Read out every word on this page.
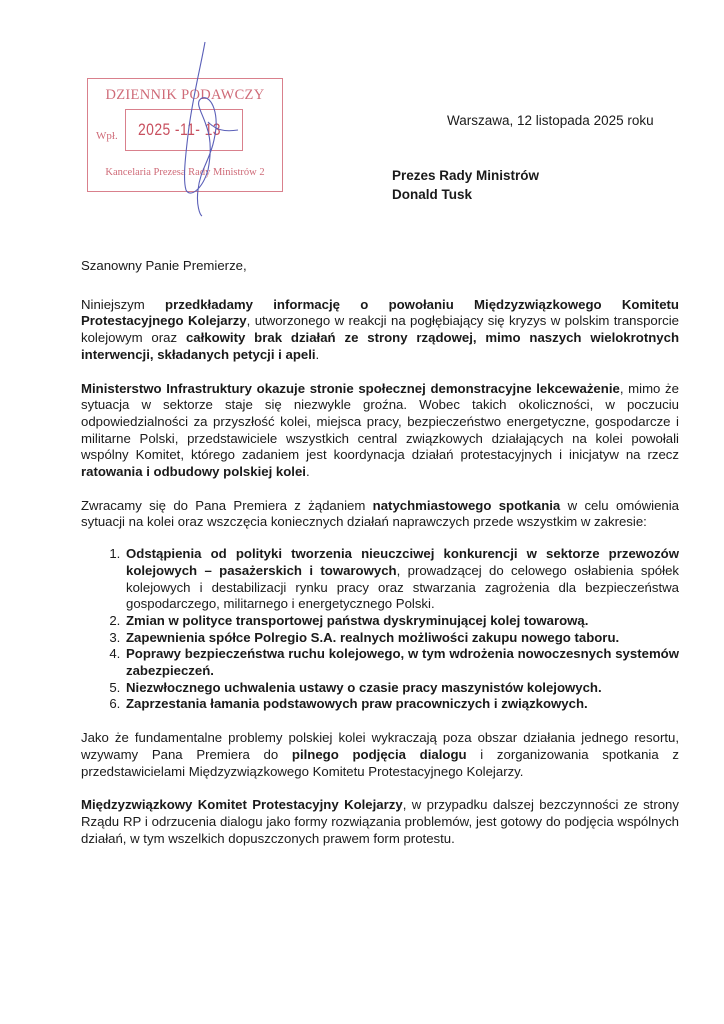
DZIENNIK PODAWCZY
Wpł. 2025 -11- 13
Kancelaria Prezesa Rady Ministrów 2
Warszawa, 12 listopada 2025 roku
Prezes Rady Ministrów
Donald Tusk

Szanowny Panie Premierze,

Niniejszym przedkładamy informację o powołaniu Międzyzwiązkowego Komitetu Protestacyjnego Kolejarzy, utworzonego w reakcji na pogłębiający się kryzys w polskim transporcie kolejowym oraz całkowity brak działań ze strony rządowej, mimo naszych wielokrotnych interwencji, składanych petycji i apeli.

Ministerstwo Infrastruktury okazuje stronie społecznej demonstracyjne lekceważenie, mimo że sytuacja w sektorze staje się niezwykle groźna. Wobec takich okoliczności, w poczuciu odpowiedzialności za przyszłość kolei, miejsca pracy, bezpieczeństwo energetyczne, gospodarcze i militarne Polski, przedstawiciele wszystkich central związkowych działających na kolei powołali wspólny Komitet, którego zadaniem jest koordynacja działań protestacyjnych i inicjatyw na rzecz ratowania i odbudowy polskiej kolei.

Zwracamy się do Pana Premiera z żądaniem natychmiastowego spotkania w celu omówienia sytuacji na kolei oraz wszczęcia koniecznych działań naprawczych przede wszystkim w zakresie:

1. Odstąpienia od polityki tworzenia nieuczciwej konkurencji w sektorze przewozów kolejowych – pasażerskich i towarowych, prowadzącej do celowego osłabienia spółek kolejowych i destabilizacji rynku pracy oraz stwarzania zagrożenia dla bezpieczeństwa gospodarczego, militarnego i energetycznego Polski.
2. Zmian w polityce transportowej państwa dyskryminującej kolej towarową.
3. Zapewnienia spółce Polregio S.A. realnych możliwości zakupu nowego taboru.
4. Poprawy bezpieczeństwa ruchu kolejowego, w tym wdrożenia nowoczesnych systemów zabezpieczeń.
5. Niezwłocznego uchwalenia ustawy o czasie pracy maszynistów kolejowych.
6. Zaprzestania łamania podstawowych praw pracowniczych i związkowych.

Jako że fundamentalne problemy polskiej kolei wykraczają poza obszar działania jednego resortu, wzywamy Pana Premiera do pilnego podjęcia dialogu i zorganizowania spotkania z przedstawicielami Międzyzwiązkowego Komitetu Protestacyjnego Kolejarzy.

Międzyzwiązkowy Komitet Protestacyjny Kolejarzy, w przypadku dalszej bezczynności ze strony Rządu RP i odrzucenia dialogu jako formy rozwiązania problemów, jest gotowy do podjęcia wspólnych działań, w tym wszelkich dopuszczonych prawem form protestu.
